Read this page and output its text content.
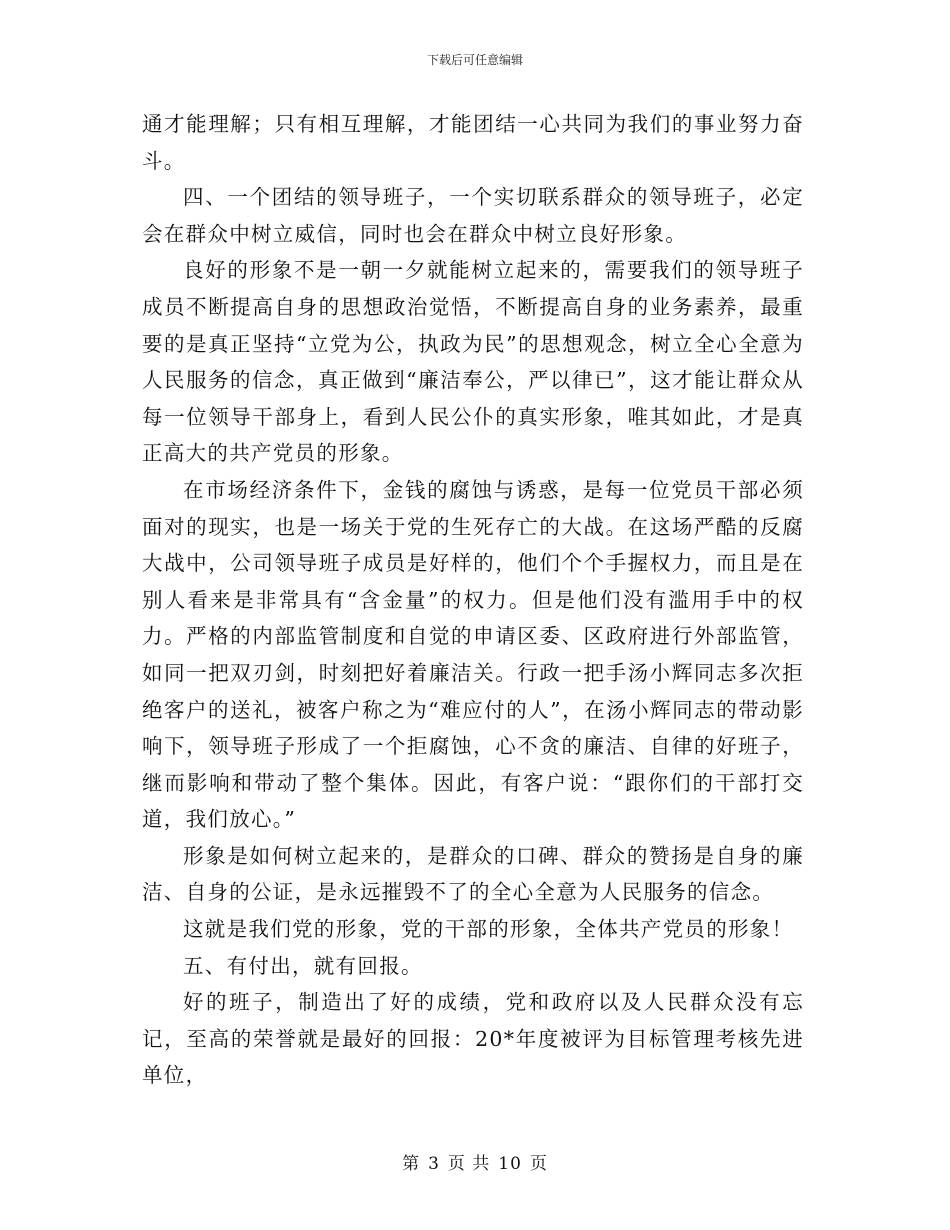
下载后可任意编辑

通才能理解；只有相互理解，才能团结一心共同为我们的事业努力奋斗。

四、一个团结的领导班子，一个实切联系群众的领导班子，必定会在群众中树立威信，同时也会在群众中树立良好形象。

良好的形象不是一朝一夕就能树立起来的，需要我们的领导班子成员不断提高自身的思想政治觉悟，不断提高自身的业务素养，最重要的是真正坚持“立党为公，执政为民”的思想观念，树立全心全意为人民服务的信念，真正做到“廉洁奉公，严以律已”，这才能让群众从每一位领导干部身上，看到人民公仆的真实形象，唯其如此，才是真正高大的共产党员的形象。

在市场经济条件下，金钱的腐蚀与诱惑，是每一位党员干部必须面对的现实，也是一场关于党的生死存亡的大战。在这场严酷的反腐大战中，公司领导班子成员是好样的，他们个个手握权力，而且是在别人看来是非常具有“含金量”的权力。但是他们没有滥用手中的权力。严格的内部监管制度和自觉的申请区委、区政府进行外部监管，如同一把双刃剑，时刻把好着廉洁关。行政一把手汤小辉同志多次拒绝客户的送礼，被客户称之为“难应付的人”，在汤小辉同志的带动影响下，领导班子形成了一个拒腐蚀，心不贪的廉洁、自律的好班子，继而影响和带动了整个集体。因此，有客户说：“跟你们的干部打交道，我们放心。”

形象是如何树立起来的，是群众的口碑、群众的赞扬是自身的廉洁、自身的公证，是永远摧毁不了的全心全意为人民服务的信念。

这就是我们党的形象，党的干部的形象，全体共产党员的形象！

五、有付出，就有回报。

好的班子，制造出了好的成绩，党和政府以及人民群众没有忘记，至高的荣誉就是最好的回报：20*年度被评为目标管理考核先进单位，

第 3 页 共 10 页
